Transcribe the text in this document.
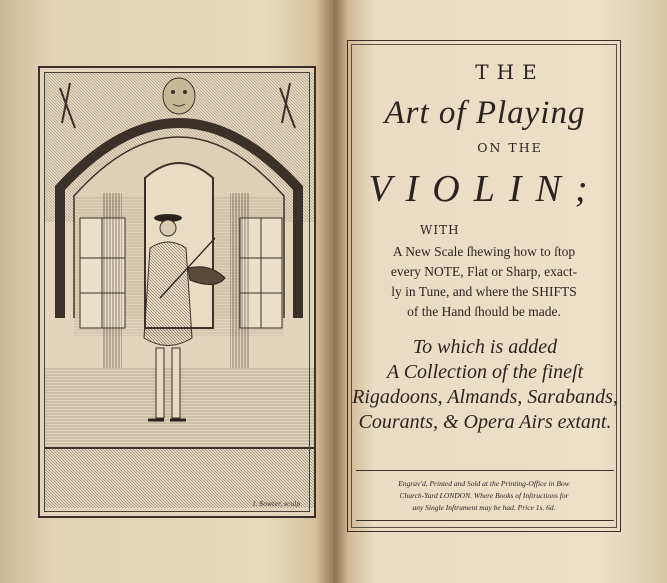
I. Sowter, sculp.
THE
Art of Playing
ON THE
VIOLIN;
WITH
A New Scale ſhewing how to ſtop
every NOTE, Flat or Sharp, exact-
ly in Tune, and where the SHIFTS
of the Hand ſhould be made.
To which is added
A Collection of the fineſt
Rigadoons, Almands, Sarabands,
Courants, & Opera Airs extant.
Engrav'd, Printed and Sold at the Printing-Office in Bow
Church-Yard LONDON. Where Books of Inſtructions for
any Single Inſtrument may be had. Price 1s. 6d.
